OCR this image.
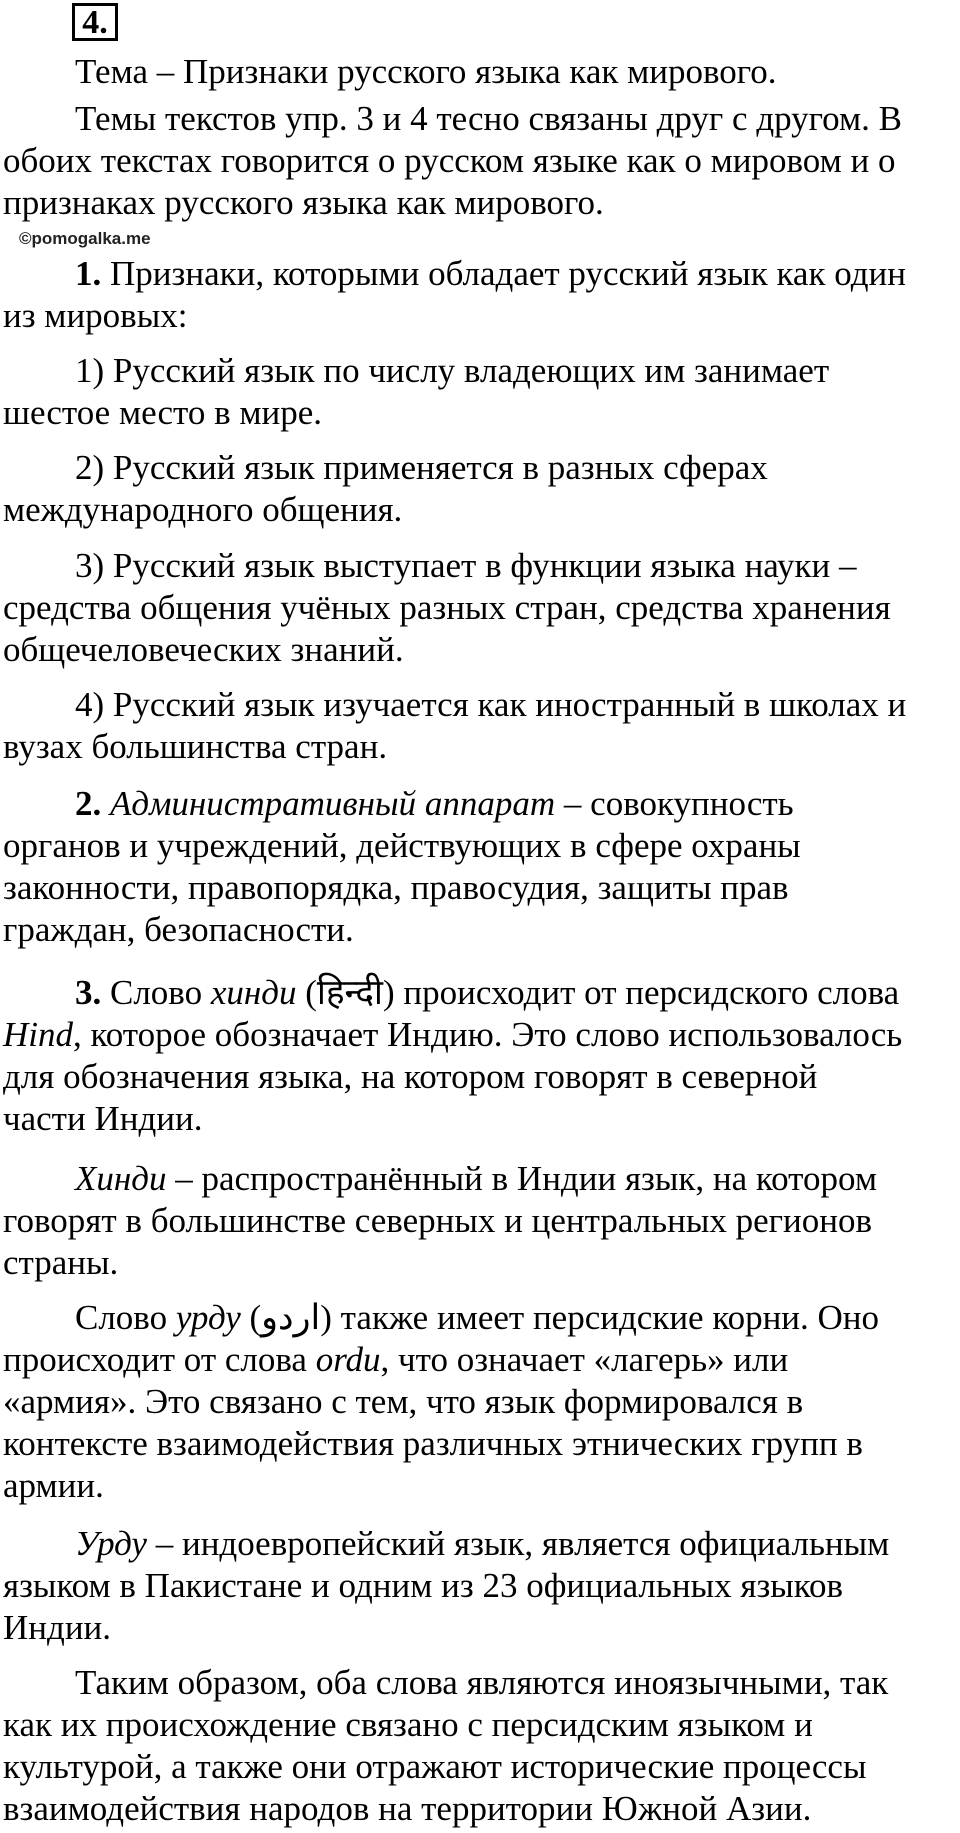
4.

Тема – Признаки русского языка как мирового.

Темы текстов упр. 3 и 4 тесно связаны друг с другом. В
обоих текстах говорится о русском языке как о мировом и о
признаках русского языка как мирового.

©pomogalka.me

1. Признаки, которыми обладает русский язык как один
из мировых:

1) Русский язык по числу владеющих им занимает
шестое место в мире.

2) Русский язык применяется в разных сферах
международного общения.

3) Русский язык выступает в функции языка науки –
средства общения учёных разных стран, средства хранения
общечеловеческих знаний.

4) Русский язык изучается как иностранный в школах и
вузах большинства стран.

2. Административный аппарат – совокупность
органов и учреждений, действующих в сфере охраны
законности, правопорядка, правосудия, защиты прав
граждан, безопасности.

3. Слово хинди (हिन्दी) происходит от персидского слова
Hind, которое обозначает Индию. Это слово использовалось
для обозначения языка, на котором говорят в северной
части Индии.

Хинди – распространённый в Индии язык, на котором
говорят в большинстве северных и центральных регионов
страны.

Слово урду (اردو) также имеет персидские корни. Оно
происходит от слова ordu, что означает «лагерь» или
«армия». Это связано с тем, что язык формировался в
контексте взаимодействия различных этнических групп в
армии.

Урду – индоевропейский язык, является официальным
языком в Пакистане и одним из 23 официальных языков
Индии.

Таким образом, оба слова являются иноязычными, так
как их происхождение связано с персидским языком и
культурой, а также они отражают исторические процессы
взаимодействия народов на территории Южной Азии.
